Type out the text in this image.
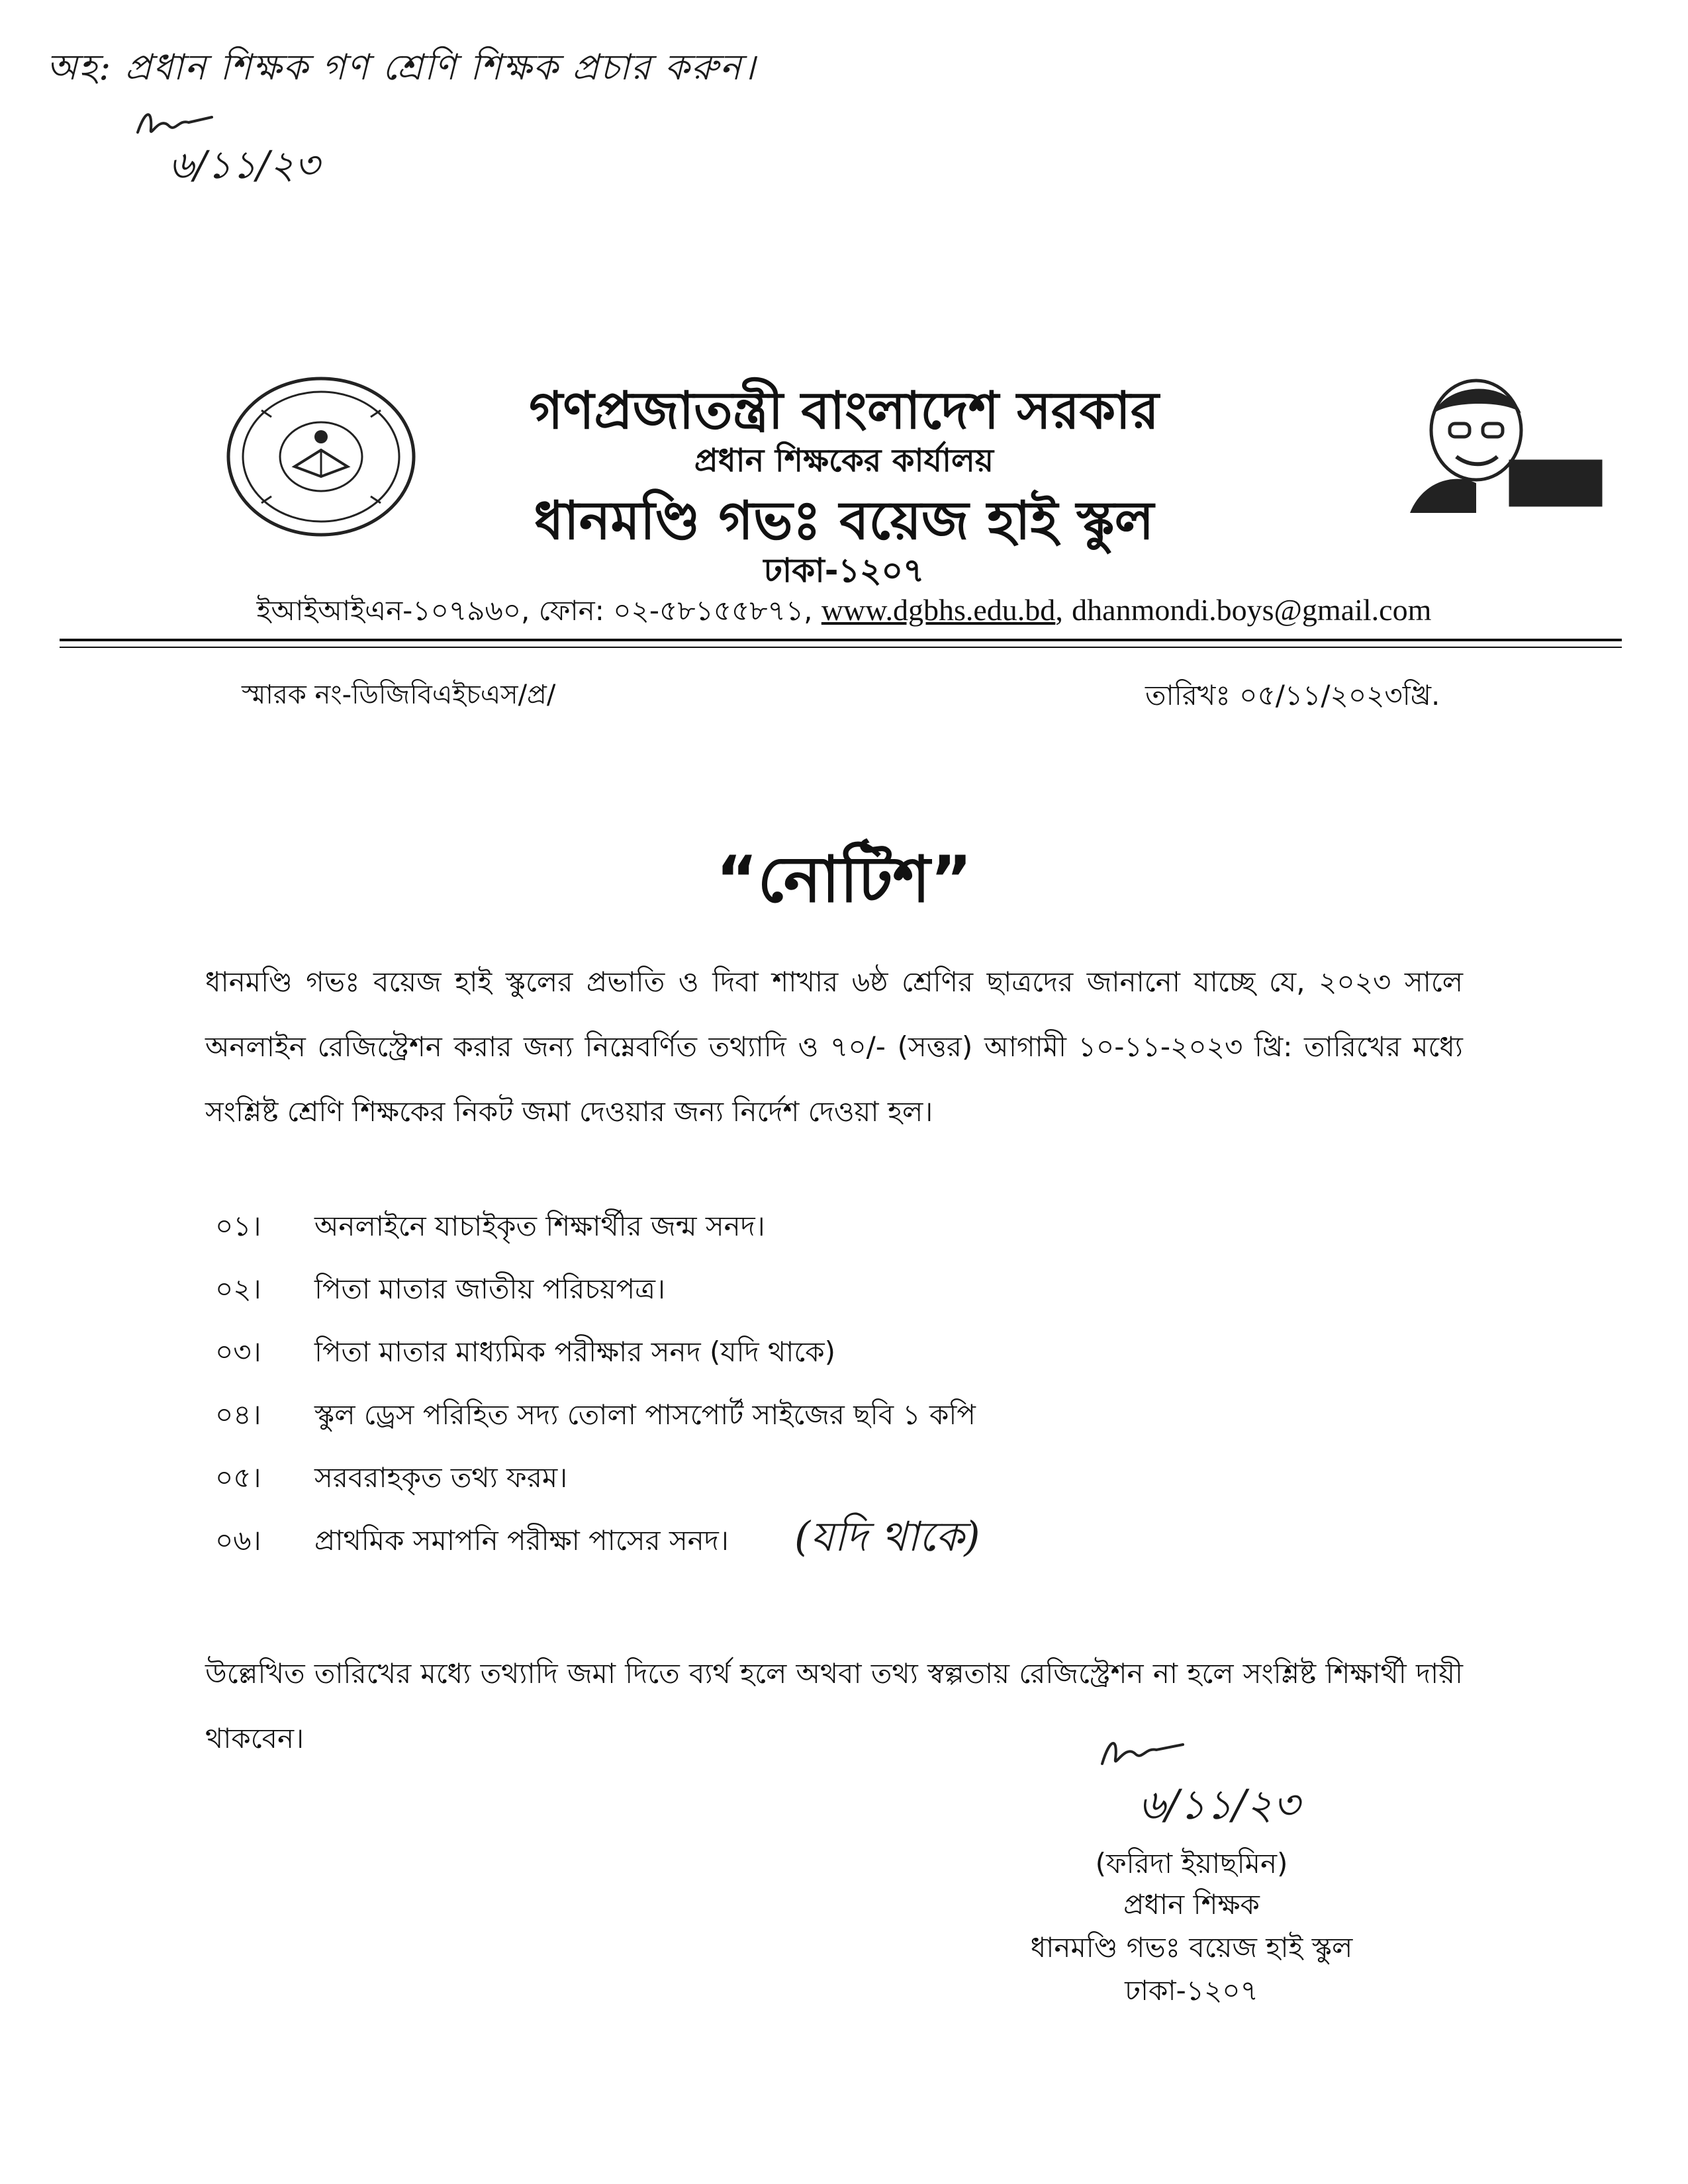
অহ: প্রধান শিক্ষক গণ শ্রেণি শিক্ষক প্রচার করুন।
৬/১১/২৩
গণপ্রজাতন্ত্রী বাংলাদেশ সরকার
প্রধান শিক্ষকের কার্যালয়
ধানমণ্ডি গভঃ বয়েজ হাই স্কুল
ঢাকা-১২০৭
ইআইআইএন-১০৭৯৬০, ফোন: ০২-৫৮১৫৫৮৭১, www.dgbhs.edu.bd, dhanmondi.boys@gmail.com
স্মারক নং-ডিজিবিএইচএস/প্র/	তারিখঃ ০৫/১১/২০২৩খ্রি.
“নোটিশ”
ধানমণ্ডি গভঃ বয়েজ হাই স্কুলের প্রভাতি ও দিবা শাখার ৬ষ্ঠ শ্রেণির ছাত্রদের জানানো যাচ্ছে যে, ২০২৩ সালে অনলাইন রেজিস্ট্রেশন করার জন্য নিম্নেবর্ণিত তথ্যাদি ও ৭০/- (সত্তর) আগামী ১০-১১-২০২৩ খ্রি: তারিখের মধ্যে সংশ্লিষ্ট শ্রেণি শিক্ষকের নিকট জমা দেওয়ার জন্য নির্দেশ দেওয়া হল।
০১। অনলাইনে যাচাইকৃত শিক্ষার্থীর জন্ম সনদ।
০২। পিতা মাতার জাতীয় পরিচয়পত্র।
০৩। পিতা মাতার মাধ্যমিক পরীক্ষার সনদ (যদি থাকে)
০৪। স্কুল ড্রেস পরিহিত সদ্য তোলা পাসপোর্ট সাইজের ছবি ১ কপি
০৫। সরবরাহকৃত তথ্য ফরম।
০৬। প্রাথমিক সমাপনি পরীক্ষা পাসের সনদ। (যদি থাকে)
উল্লেখিত তারিখের মধ্যে তথ্যাদি জমা দিতে ব্যর্থ হলে অথবা তথ্য স্বল্পতায় রেজিস্ট্রেশন না হলে সংশ্লিষ্ট শিক্ষার্থী দায়ী থাকবেন।
৬/১১/২৩
(ফরিদা ইয়াছমিন)
প্রধান শিক্ষক
ধানমণ্ডি গভঃ বয়েজ হাই স্কুল
ঢাকা-১২০৭
